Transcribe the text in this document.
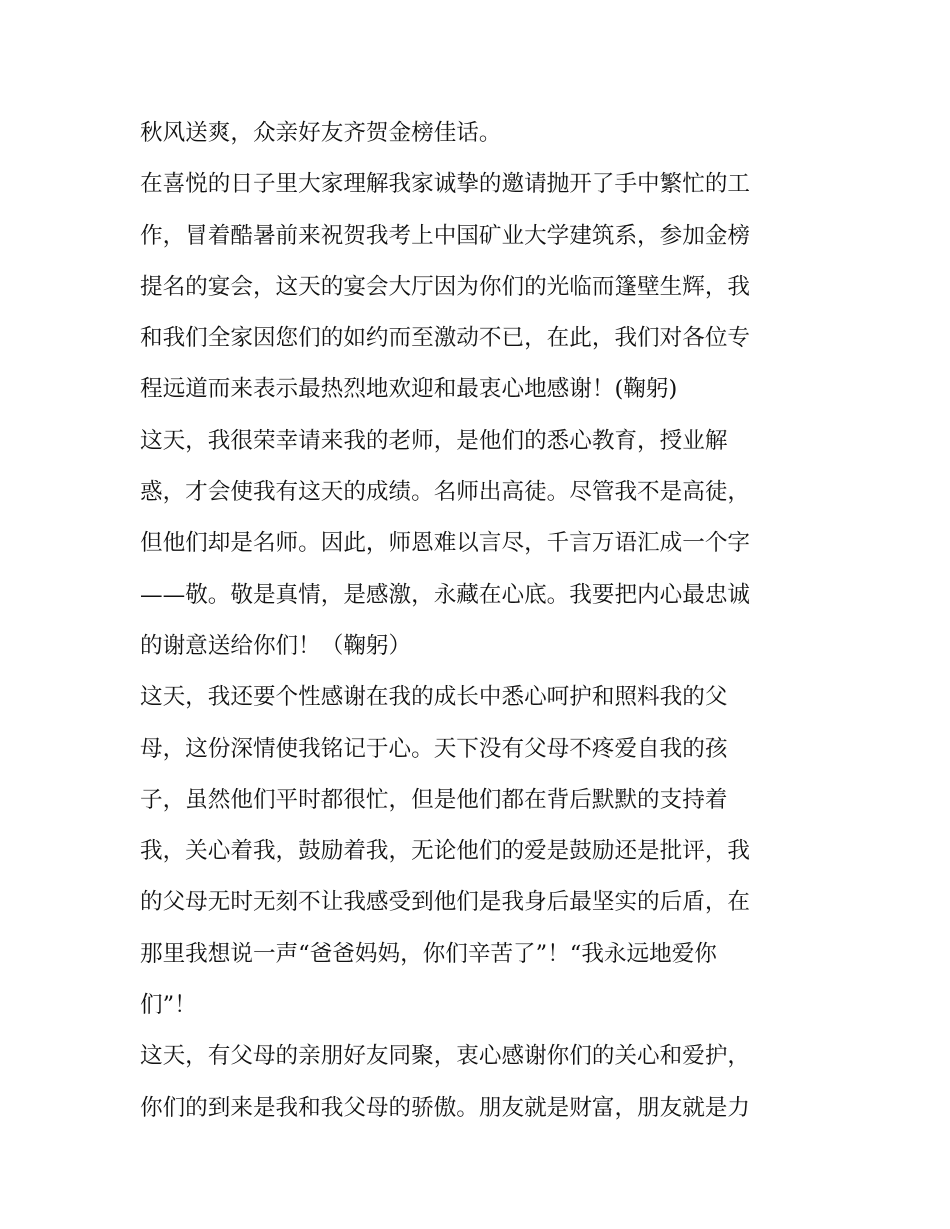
秋风送爽，众亲好友齐贺金榜佳话。
在喜悦的日子里大家理解我家诚挚的邀请抛开了手中繁忙的工
作，冒着酷暑前来祝贺我考上中国矿业大学建筑系，参加金榜
提名的宴会，这天的宴会大厅因为你们的光临而篷壁生辉，我
和我们全家因您们的如约而至激动不已，在此，我们对各位专
程远道而来表示最热烈地欢迎和最衷心地感谢！(鞠躬)
这天，我很荣幸请来我的老师，是他们的悉心教育，授业解
惑，才会使我有这天的成绩。名师出高徒。尽管我不是高徒，
但他们却是名师。因此，师恩难以言尽，千言万语汇成一个字
——敬。敬是真情，是感激，永藏在心底。我要把内心最忠诚
的谢意送给你们！（鞠躬）
这天，我还要个性感谢在我的成长中悉心呵护和照料我的父
母，这份深情使我铭记于心。天下没有父母不疼爱自我的孩
子，虽然他们平时都很忙，但是他们都在背后默默的支持着
我，关心着我，鼓励着我，无论他们的爱是鼓励还是批评，我
的父母无时无刻不让我感受到他们是我身后最坚实的后盾，在
那里我想说一声“爸爸妈妈，你们辛苦了”！“我永远地爱你
们”！
这天，有父母的亲朋好友同聚，衷心感谢你们的关心和爱护，
你们的到来是我和我父母的骄傲。朋友就是财富，朋友就是力
